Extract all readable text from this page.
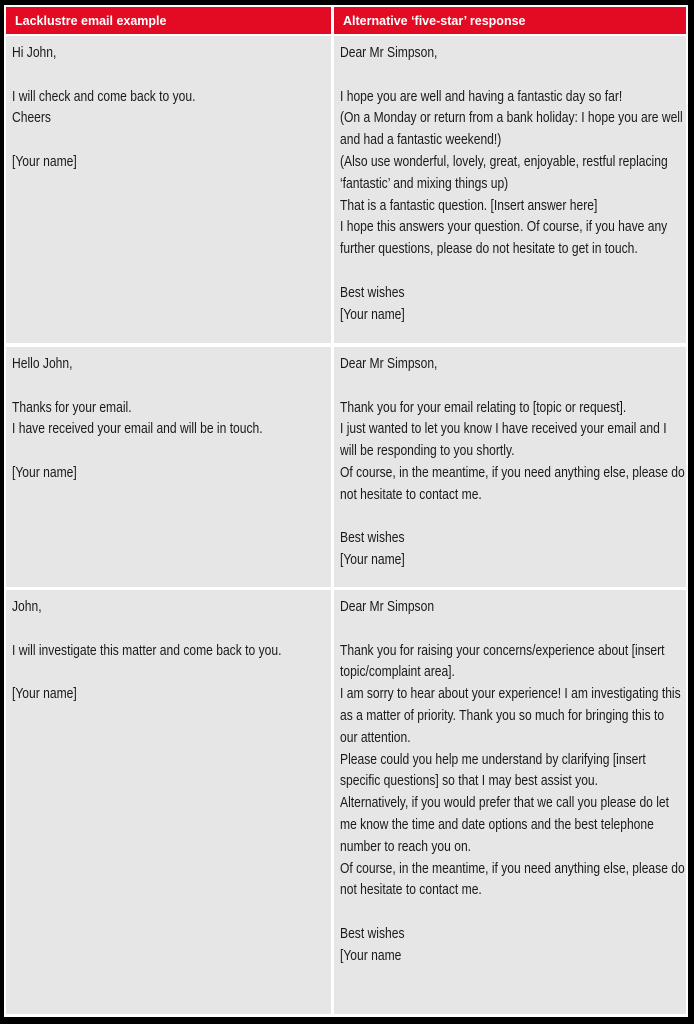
Lacklustre email example	Alternative ‘five-star’ response
Hi John,
I will check and come back to you.
Cheers
[Your name]
Dear Mr Simpson,
I hope you are well and having a fantastic day so far!
(On a Monday or return from a bank holiday: I hope you are well
and had a fantastic weekend!)
(Also use wonderful, lovely, great, enjoyable, restful replacing
‘fantastic’ and mixing things up)
That is a fantastic question. [Insert answer here]
I hope this answers your question. Of course, if you have any
further questions, please do not hesitate to get in touch.
Best wishes
[Your name]
Hello John,
Thanks for your email.
I have received your email and will be in touch.
[Your name]
Dear Mr Simpson,
Thank you for your email relating to [topic or request].
I just wanted to let you know I have received your email and I
will be responding to you shortly.
Of course, in the meantime, if you need anything else, please do
not hesitate to contact me.
Best wishes
[Your name]
John,
I will investigate this matter and come back to you.
[Your name]
Dear Mr Simpson
Thank you for raising your concerns/experience about [insert
topic/complaint area].
I am sorry to hear about your experience! I am investigating this
as a matter of priority. Thank you so much for bringing this to
our attention.
Please could you help me understand by clarifying [insert
specific questions] so that I may best assist you.
Alternatively, if you would prefer that we call you please do let
me know the time and date options and the best telephone
number to reach you on.
Of course, in the meantime, if you need anything else, please do
not hesitate to contact me.
Best wishes
[Your name
